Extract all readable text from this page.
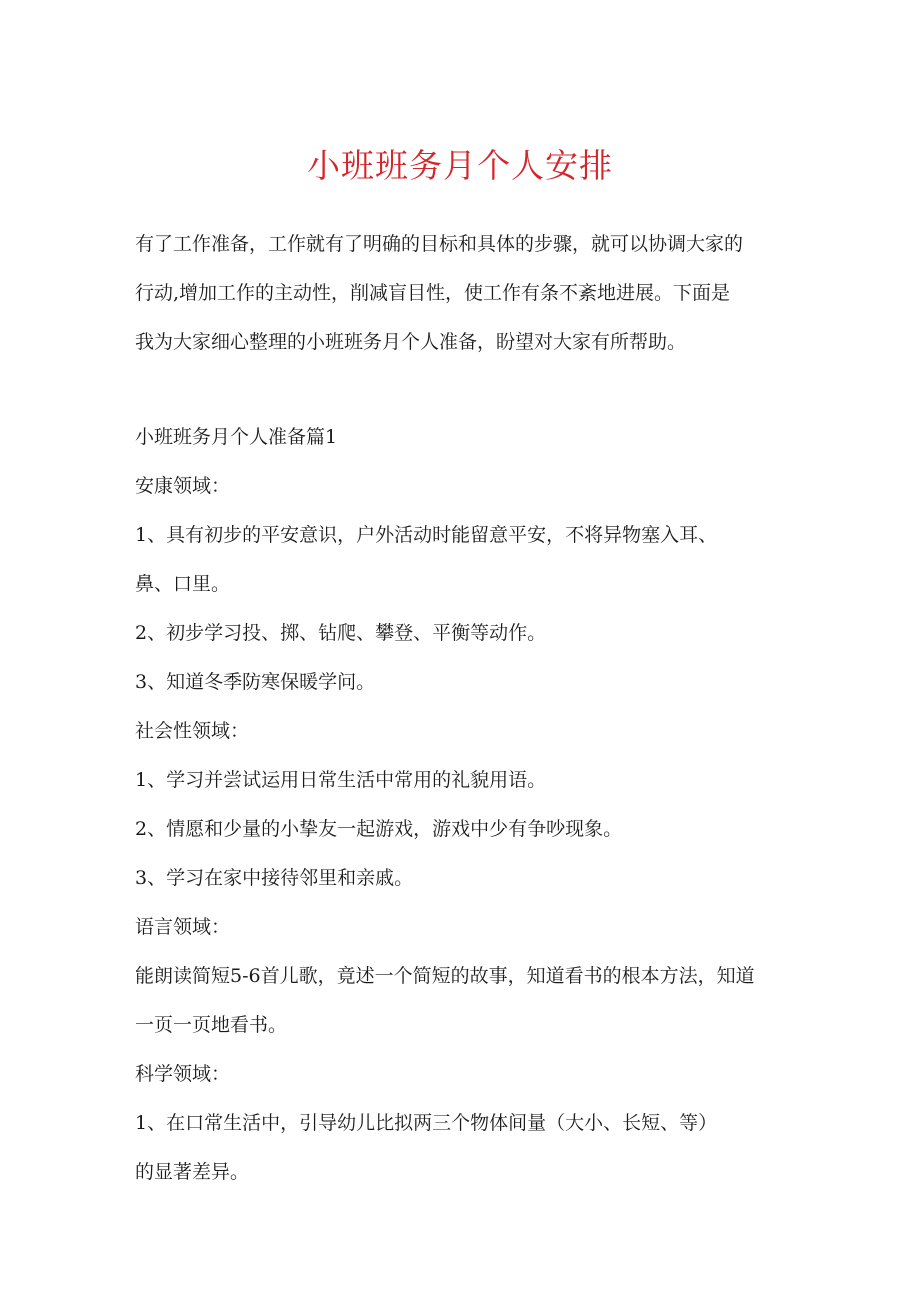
小班班务月个人安排
有了工作准备，工作就有了明确的目标和具体的步骤，就可以协调大家的
行动,增加工作的主动性，削减盲目性，使工作有条不紊地进展。下面是
我为大家细心整理的小班班务月个人准备，盼望对大家有所帮助。
小班班务月个人准备篇1
安康领域：
1、具有初步的平安意识，户外活动时能留意平安，不将异物塞入耳、
鼻、口里。
2、初步学习投、掷、钻爬、攀登、平衡等动作。
3、知道冬季防寒保暖学问。
社会性领域：
1、学习并尝试运用日常生活中常用的礼貌用语。
2、情愿和少量的小挚友一起游戏，游戏中少有争吵现象。
3、学习在家中接待邻里和亲戚。
语言领域：
能朗读简短5-6首儿歌，竟述一个简短的故事，知道看书的根本方法，知道
一页一页地看书。
科学领域：
1、在口常生活中，引导幼儿比拟两三个物体间量（大小、长短、等）
的显著差异。
